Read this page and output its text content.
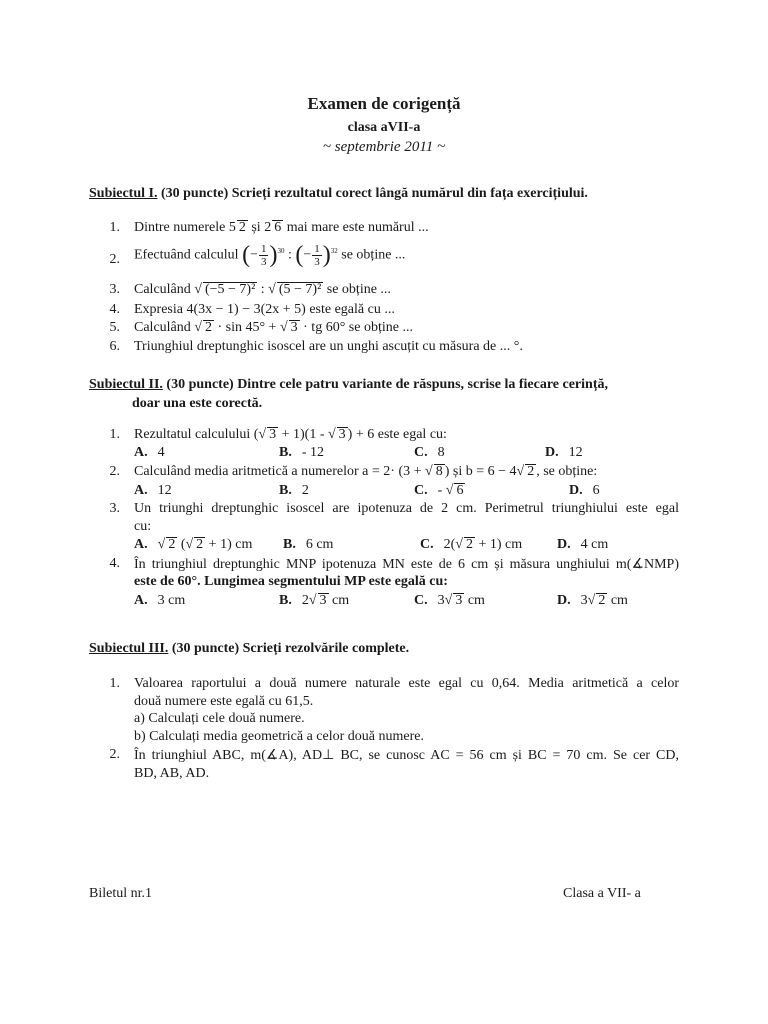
Examen de corigență
clasa aVII-a
~ septembrie 2011 ~
Subiectul I. (30 puncte) Scrieți rezultatul corect lângă numărul din fața exercițiului.
1. Dintre numerele 5 2 și 2 6 mai mare este numărul ...
2. Efectuând calculul (− $\frac{1}{3} )^{30}$ : (− $\frac{1}{3} )^{32}$ se obține ...
3. Calculând √ (−5 − 7)² : √ (5 − 7)² se obține ...
4. Expresia 4(3x − 1) − 3(2x + 5) este egală cu ...
5. Calculând √ 2 · sin 45° + √ 3 · tg 60° se obține ...
6. Triunghiul dreptunghic isoscel are un unghi ascuțit cu măsura de ... °.
Subiectul II. (30 puncte) Dintre cele patru variante de răspuns, scrise la fiecare cerință,
doar una este corectă.
1. Rezultatul calculului (√ 3 + 1)(1 - √ 3 ) + 6 este egal cu:
A. 4	B. - 12	C. 8	D. 12
2. Calculând media aritmetică a numerelor a = 2· (3 + √ 8 ) și b = 6 − 4√ 2 , se obține:
A. 12	B. 2	C. - √ 6	D. 6
3. Un triunghi dreptunghic isoscel are ipotenuza de 2 cm. Perimetrul triunghiului este egal
cu:
A. √ 2 (√ 2 + 1) cm B. 6 cm	C. 2(√ 2 + 1) cm D. 4 cm
4. În triunghiul dreptunghic MNP ipotenuza MN este de 6 cm și măsura unghiului m(∡NMP)
este de 60°. Lungimea segmentului MP este egală cu:
A. 3 cm	B. 2√ 3 cm	C. 3√ 3 cm	D. 3√ 2 cm
Subiectul III. (30 puncte) Scrieți rezolvările complete.
1. Valoarea raportului a două numere naturale este egal cu 0,64. Media aritmetică a celor
două numere este egală cu 61,5.
a) Calculați cele două numere.
b) Calculați media geometrică a celor două numere.
2. În triunghiul ABC, m(∡A), AD⊥ BC, se cunosc AC = 56 cm și BC = 70 cm. Se cer CD,
BD, AB, AD.
Biletul nr.1	Clasa a VII- a
